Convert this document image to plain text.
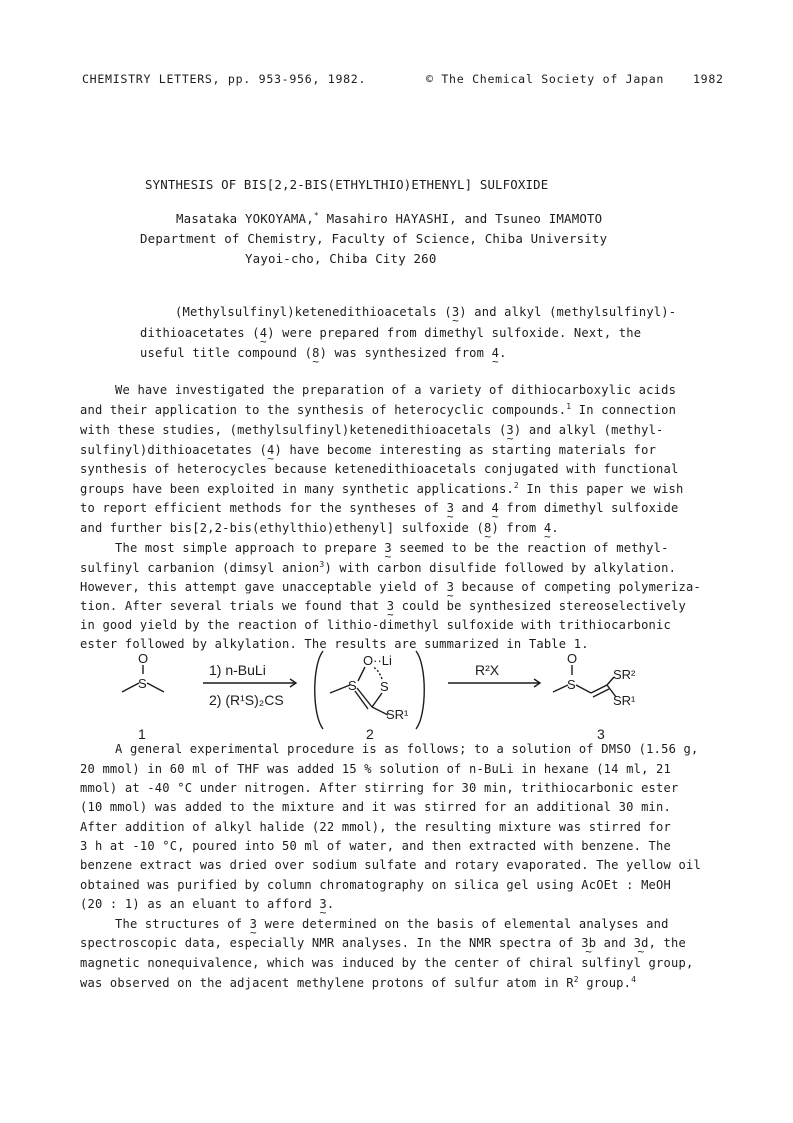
CHEMISTRY LETTERS, pp. 953-956, 1982.	© The Chemical Society of Japan 1982
SYNTHESIS OF BIS[2,2-BIS(ETHYLTHIO)ETHENYL] SULFOXIDE
Masataka YOKOYAMA,* Masahiro HAYASHI, and Tsuneo IMAMOTO
Department of Chemistry, Faculty of Science, Chiba University
Yayoi-cho, Chiba City 260
(Methylsulfinyl)ketenedithioacetals (3 ~) and alkyl (methylsulfinyl)-
dithioacetates (4 ~) were prepared from dimethyl sulfoxide. Next, the
useful title compound (8 ~) was synthesized from 4 ~.
We have investigated the preparation of a variety of dithiocarboxylic acids
and their application to the synthesis of heterocyclic compounds.$^1$ In connection
with these studies, (methylsulfinyl)ketenedithioacetals (3 ~) and alkyl (methyl-
sulfinyl)dithioacetates (4 ~) have become interesting as starting materials for
synthesis of heterocycles because ketenedithioacetals conjugated with functional
groups have been exploited in many synthetic applications.$^2$ In this paper we wish
to report efficient methods for the syntheses of 3 ~ and 4 ~ from dimethyl sulfoxide
and further bis[2,2-bis(ethylthio)ethenyl] sulfoxide (8 ~) from 4 ~.
The most simple approach to prepare 3 ~ seemed to be the reaction of methyl-
sulfinyl carbanion (dimsyl anion$^3$) with carbon disulfide followed by alkylation.
However, this attempt gave unacceptable yield of 3 ~ because of competing polymeriza-
tion. After several trials we found that 3 ~ could be synthesized stereoselectively
in good yield by the reaction of lithio-dimethyl sulfoxide with trithiocarbonic
ester followed by alkylation. The results are summarized in Table 1.
O
S
1
1) n-BuLi
2) (R¹S)₂CS
O··Li
S S
SR¹
2
R²X
O
S
SR²
SR¹
3
A general experimental procedure is as follows; to a solution of DMSO (1.56 g,
20 mmol) in 60 ml of THF was added 15 % solution of n-BuLi in hexane (14 ml, 21
mmol) at -40 °C under nitrogen. After stirring for 30 min, trithiocarbonic ester
(10 mmol) was added to the mixture and it was stirred for an additional 30 min.
After addition of alkyl halide (22 mmol), the resulting mixture was stirred for
3 h at -10 °C, poured into 50 ml of water, and then extracted with benzene. The
benzene extract was dried over sodium sulfate and rotary evaporated. The yellow oil
obtained was purified by column chromatography on silica gel using AcOEt : MeOH
(20 : 1) as an eluant to afford 3 ~.
The structures of 3 ~ were determined on the basis of elemental analyses and
spectroscopic data, especially NMR analyses. In the NMR spectra of 3b ~ and 3d ~, the
magnetic nonequivalence, which was induced by the center of chiral sulfinyl group,
was observed on the adjacent methylene protons of sulfur atom in $R^2$ group.$^4$
